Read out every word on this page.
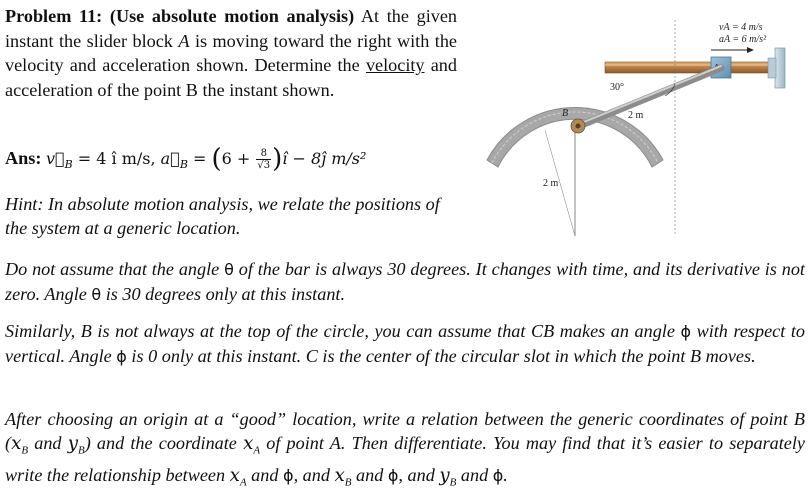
Problem 11: (Use absolute motion analysis) At the given instant the slider block A is moving toward the right with the velocity and acceleration shown. Determine the velocity and acceleration of the point B the instant shown.
Ans: $v⃗_B = 4$ î m/s, $a⃗_B = (6 + \frac{8}{√3}$ )î − 8ĵ m/s²
Hint: In absolute motion analysis, we relate the positions of the system at a generic location.
Do not assume that the angle θ of the bar is always 30 degrees. It changes with time, and its derivative is not zero. Angle θ is 30 degrees only at this instant.
Similarly, B is not always at the top of the circle, you can assume that CB makes an angle ϕ with respect to vertical. Angle ϕ is 0 only at this instant. C is the center of the circular slot in which the point B moves.
After choosing an origin at a “good” location, write a relation between the generic coordinates of point B ($x_B$ and $y_B$) and the coordinate $x_A$ of point A. Then differentiate. You may find that it’s easier to separately write the relationship between $x_A$ and ϕ, and $x_B$ and ϕ, and $y_B$ and ϕ.
2 m
B
30°
2 m
vA = 4 m/s
aA = 6 m/s²
